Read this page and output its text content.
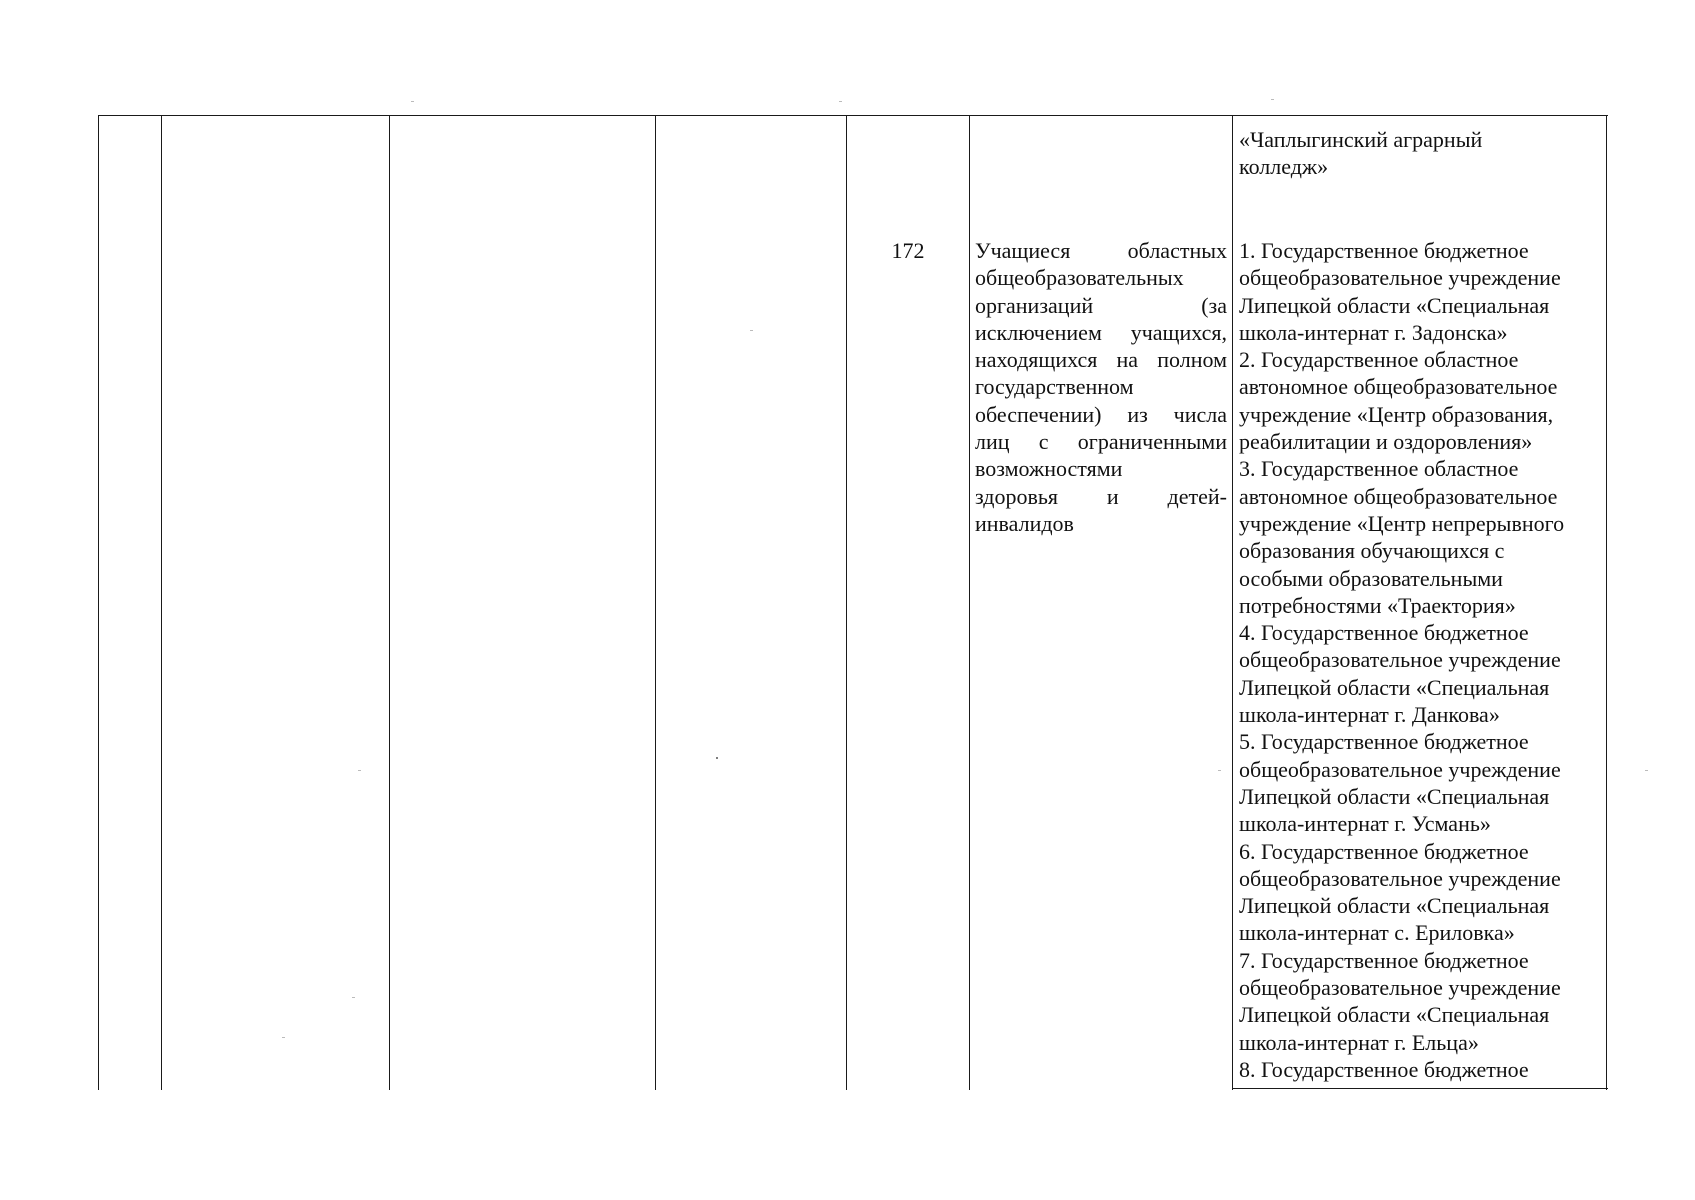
«Чаплыгинский аграрный
колледж»
172	Учащиеся областных
общеобразовательных
организаций (за
исключением учащихся,
находящихся на полном
государственном
обеспечении) из числа
лиц с ограниченными
возможностями
здоровья и детей-
инвалидов
1. Государственное бюджетное
общеобразовательное учреждение
Липецкой области «Специальная
школа-интернат г. Задонска»
2. Государственное областное
автономное общеобразовательное
учреждение «Центр образования,
реабилитации и оздоровления»
3. Государственное областное
автономное общеобразовательное
учреждение «Центр непрерывного
образования обучающихся с
особыми образовательными
потребностями «Траектория»
4. Государственное бюджетное
общеобразовательное учреждение
Липецкой области «Специальная
школа-интернат г. Данкова»
5. Государственное бюджетное
общеобразовательное учреждение
Липецкой области «Специальная
школа-интернат г. Усмань»
6. Государственное бюджетное
общеобразовательное учреждение
Липецкой области «Специальная
школа-интернат с. Ериловка»
7. Государственное бюджетное
общеобразовательное учреждение
Липецкой области «Специальная
школа-интернат г. Ельца»
8. Государственное бюджетное
